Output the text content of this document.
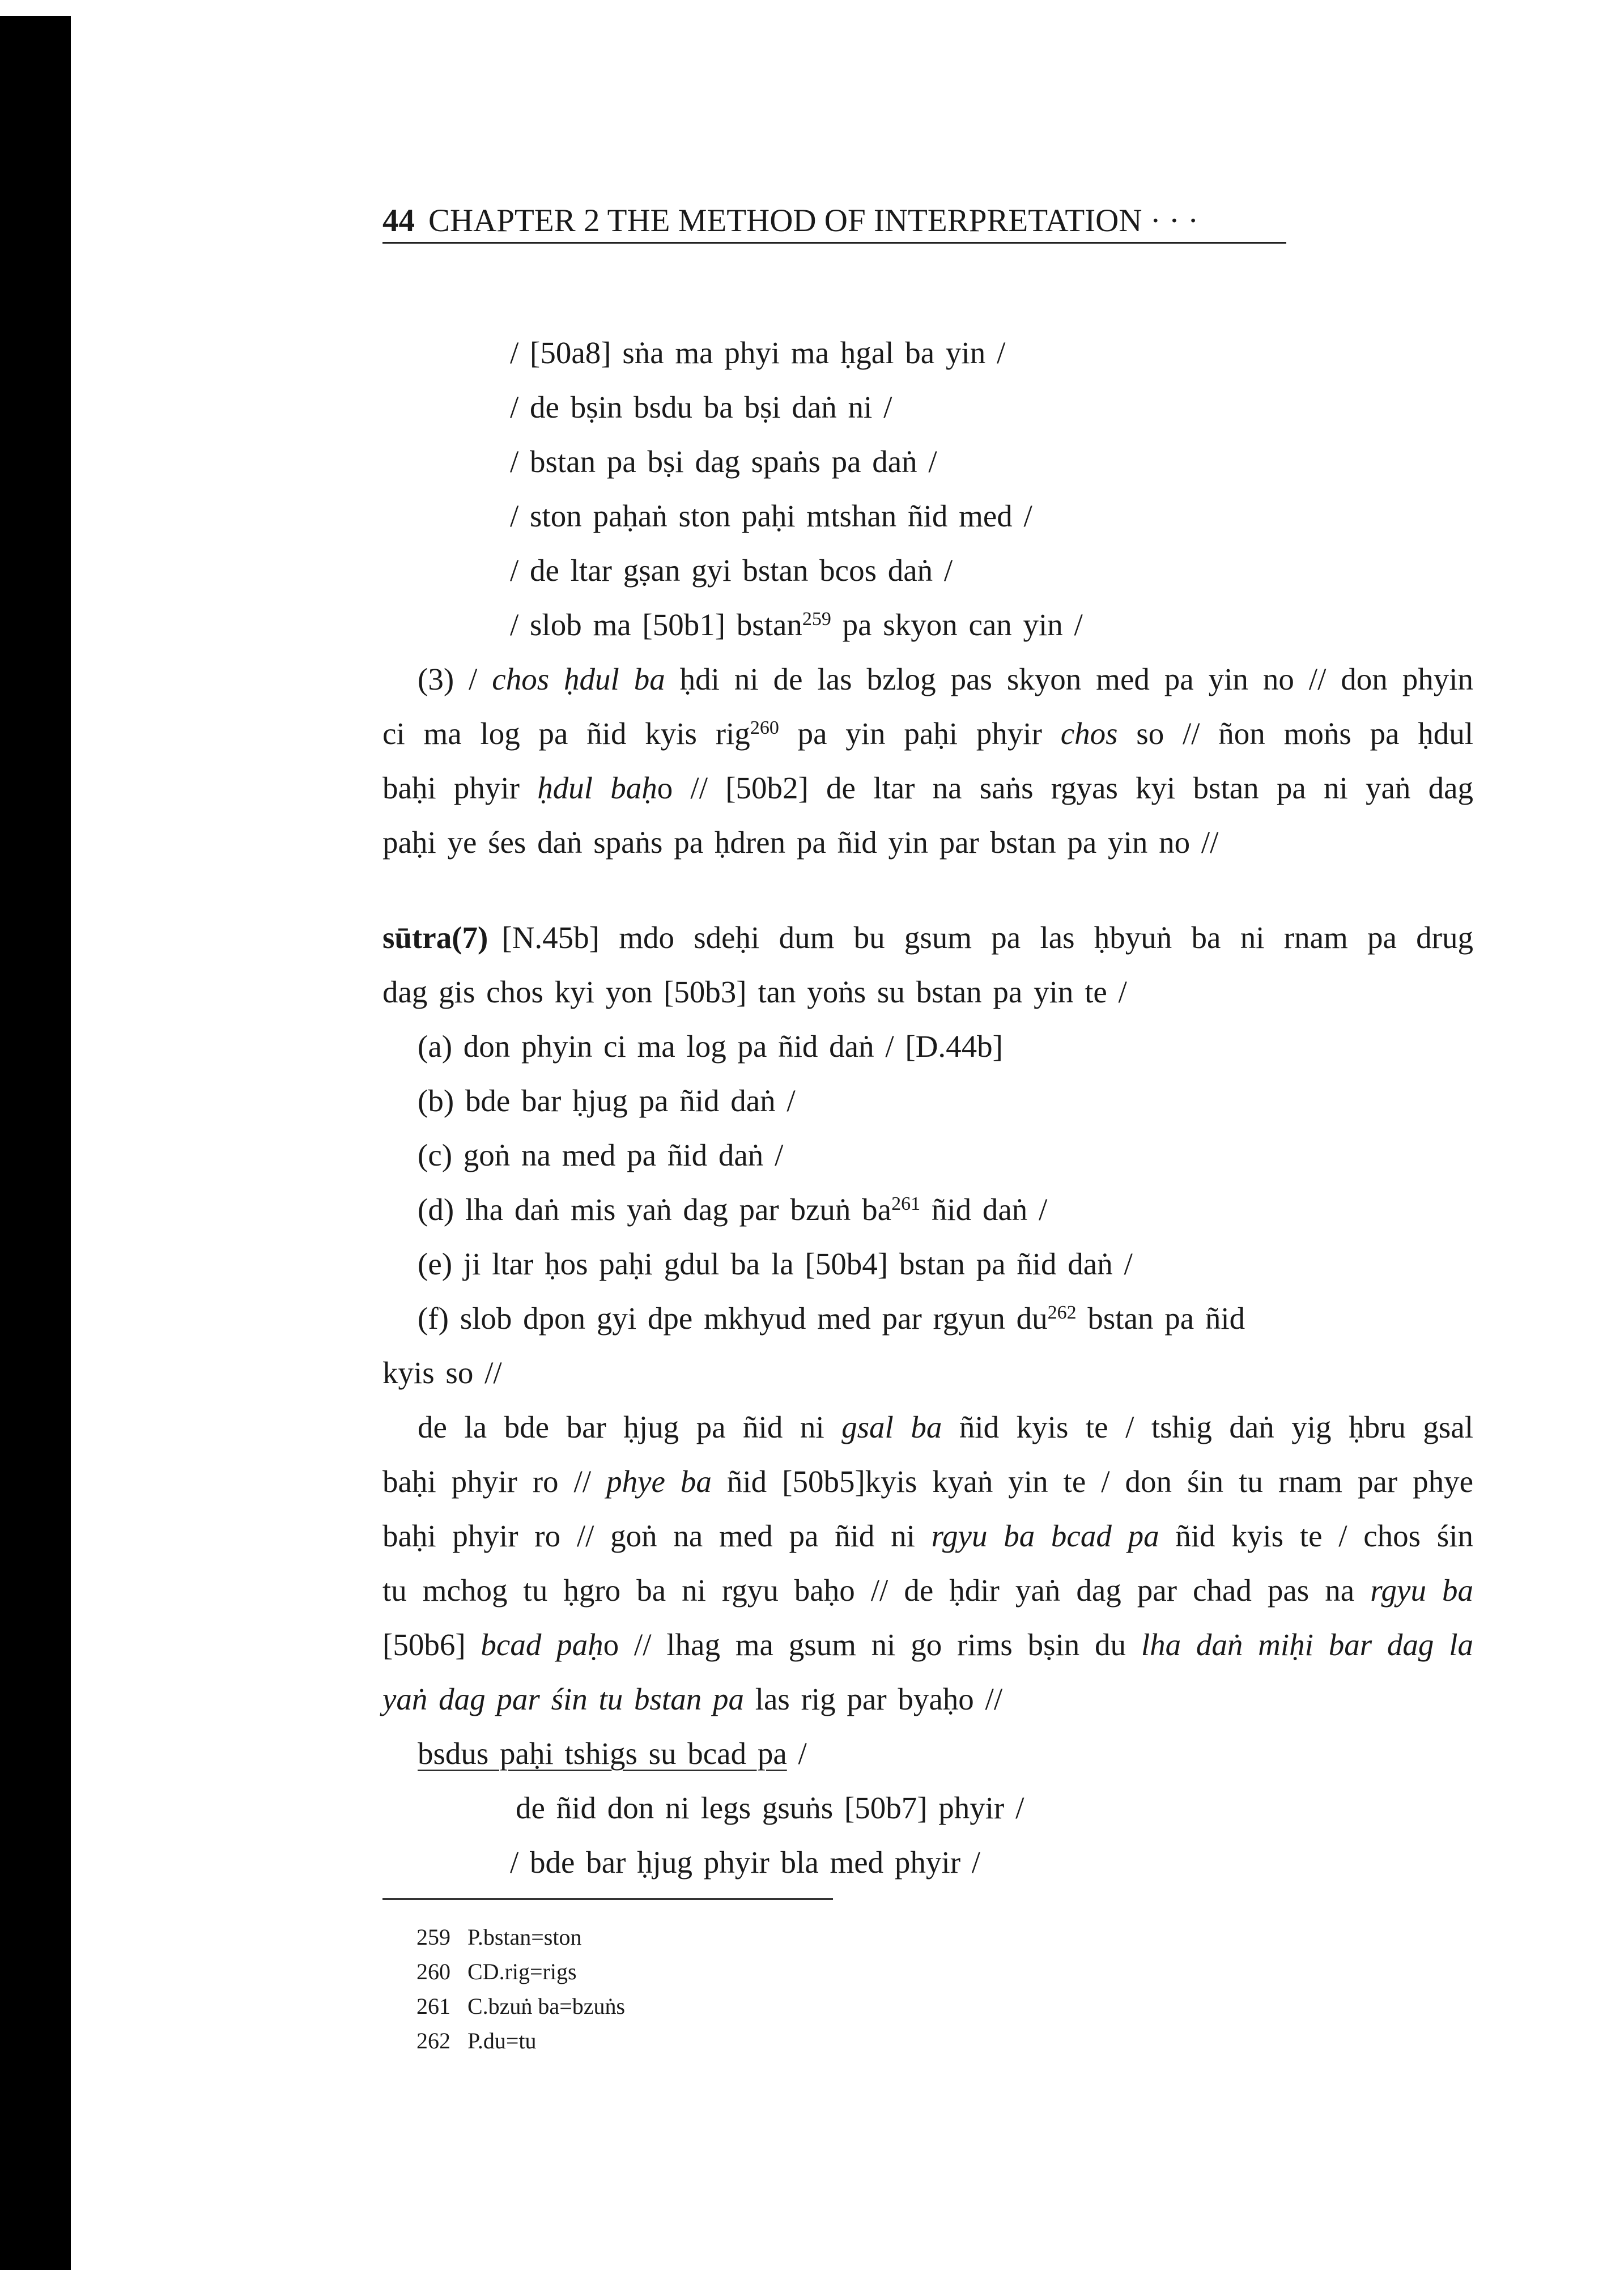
44 CHAPTER 2 THE METHOD OF INTERPRETATION · · ·
/ [50a8] sṅa ma phyi ma ḥgal ba yin /
/ de bṣin bsdu ba bṣi daṅ ni /
/ bstan pa bṣi dag spaṅs pa daṅ /
/ ston paḥaṅ ston paḥi mtshan ñid med /
/ de ltar gṣan gyi bstan bcos daṅ /
/ slob ma [50b1] bstan$^{259}$ pa skyon can yin /
(3) / chos ḥdul ba ḥdi ni de las bzlog pas skyon med pa yin no // don phyin
ci ma log pa ñid kyis rig$^{260}$ pa yin paḥi phyir chos so // ñon moṅs pa ḥdul
baḥi phyir ḥdul baḥo // [50b2] de ltar na saṅs rgyas kyi bstan pa ni yaṅ dag
paḥi ye śes daṅ spaṅs pa ḥdren pa ñid yin par bstan pa yin no //
sūtra(7) [N.45b] mdo sdeḥi dum bu gsum pa las ḥbyuṅ ba ni rnam pa drug
dag gis chos kyi yon [50b3] tan yoṅs su bstan pa yin te /
(a) don phyin ci ma log pa ñid daṅ / [D.44b]
(b) bde bar ḥjug pa ñid daṅ /
(c) goṅ na med pa ñid daṅ /
(d) lha daṅ mis yaṅ dag par bzuṅ $ba^{261}$ ñid daṅ /
(e) ji ltar ḥos paḥi gdul ba la [50b4] bstan pa ñid daṅ /
(f) slob dpon gyi dpe mkhyud med par rgyun $du^{262}$ bstan pa ñid
kyis so //
de la bde bar ḥjug pa ñid ni gsal ba ñid kyis te / tshig daṅ yig ḥbru gsal
baḥi phyir ro // phye ba ñid [50b5]kyis kyaṅ yin te / don śin tu rnam par phye
baḥi phyir ro // goṅ na med pa ñid ni rgyu ba bcad pa ñid kyis te / chos śin
tu mchog tu ḥgro ba ni rgyu baḥo // de ḥdir yaṅ dag par chad pas na rgyu ba
[50b6] bcad paḥo // lhag ma gsum ni go rims bṣin du lha daṅ miḥi bar dag la
yaṅ dag par śin tu bstan pa las rig par byaḥo //
bsdus paḥi tshigs su bcad pa /
de ñid don ni legs gsuṅs [50b7] phyir /
/ bde bar ḥjug phyir bla med phyir /
259 P.bstan=ston
260 CD.rig=rigs
261 C.bzuṅ ba=bzuṅs
262 P.du=tu
